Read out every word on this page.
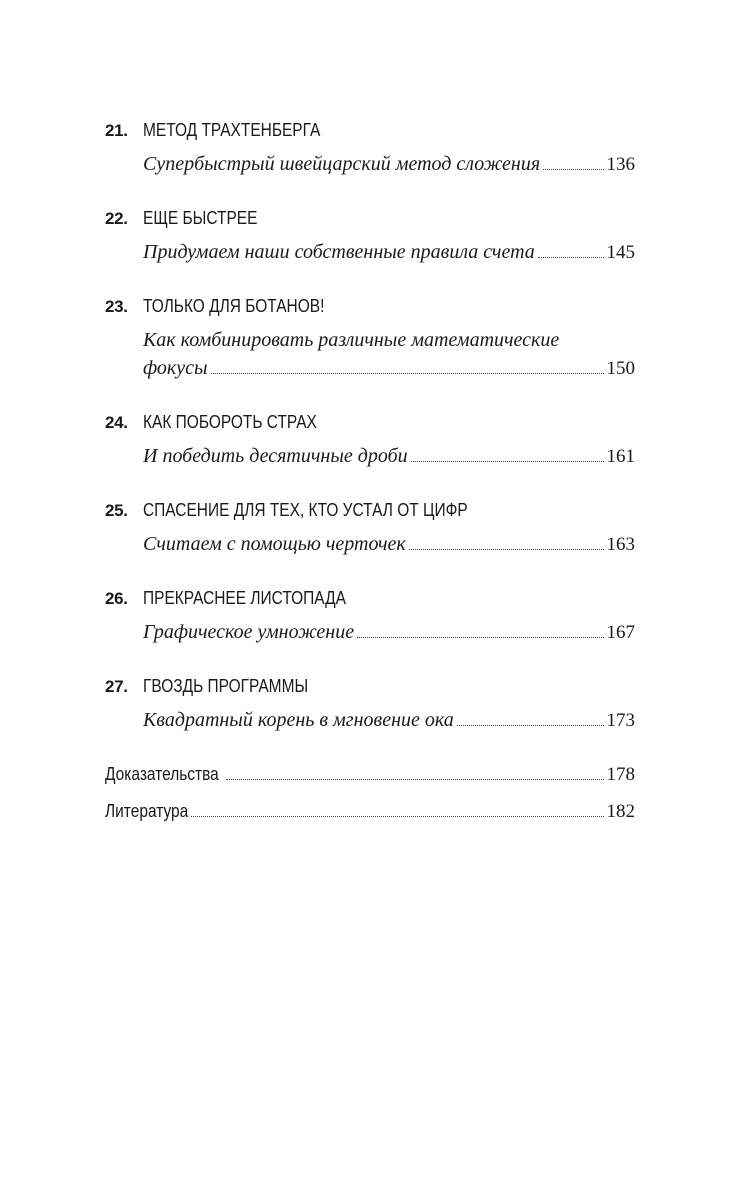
21. МЕТОД ТРАХТЕНБЕРГА
Супербыстрый швейцарский метод сложения	136
22. ЕЩЕ БЫСТРЕЕ
Придумаем наши собственные правила счета	145
23. ТОЛЬКО ДЛЯ БОТАНОВ!
Как комбинировать различные математические
фокусы	150
24. КАК ПОБОРОТЬ СТРАХ
И победить десятичные дроби	161
25. СПАСЕНИЕ ДЛЯ ТЕХ, КТО УСТАЛ ОТ ЦИФР
Считаем с помощью черточек	163
26. ПРЕКРАСНЕЕ ЛИСТОПАДА
Графическое умножение	167
27. ГВОЗДЬ ПРОГРАММЫ
Квадратный корень в мгновение ока	173
Доказательства	178
Литература	182
